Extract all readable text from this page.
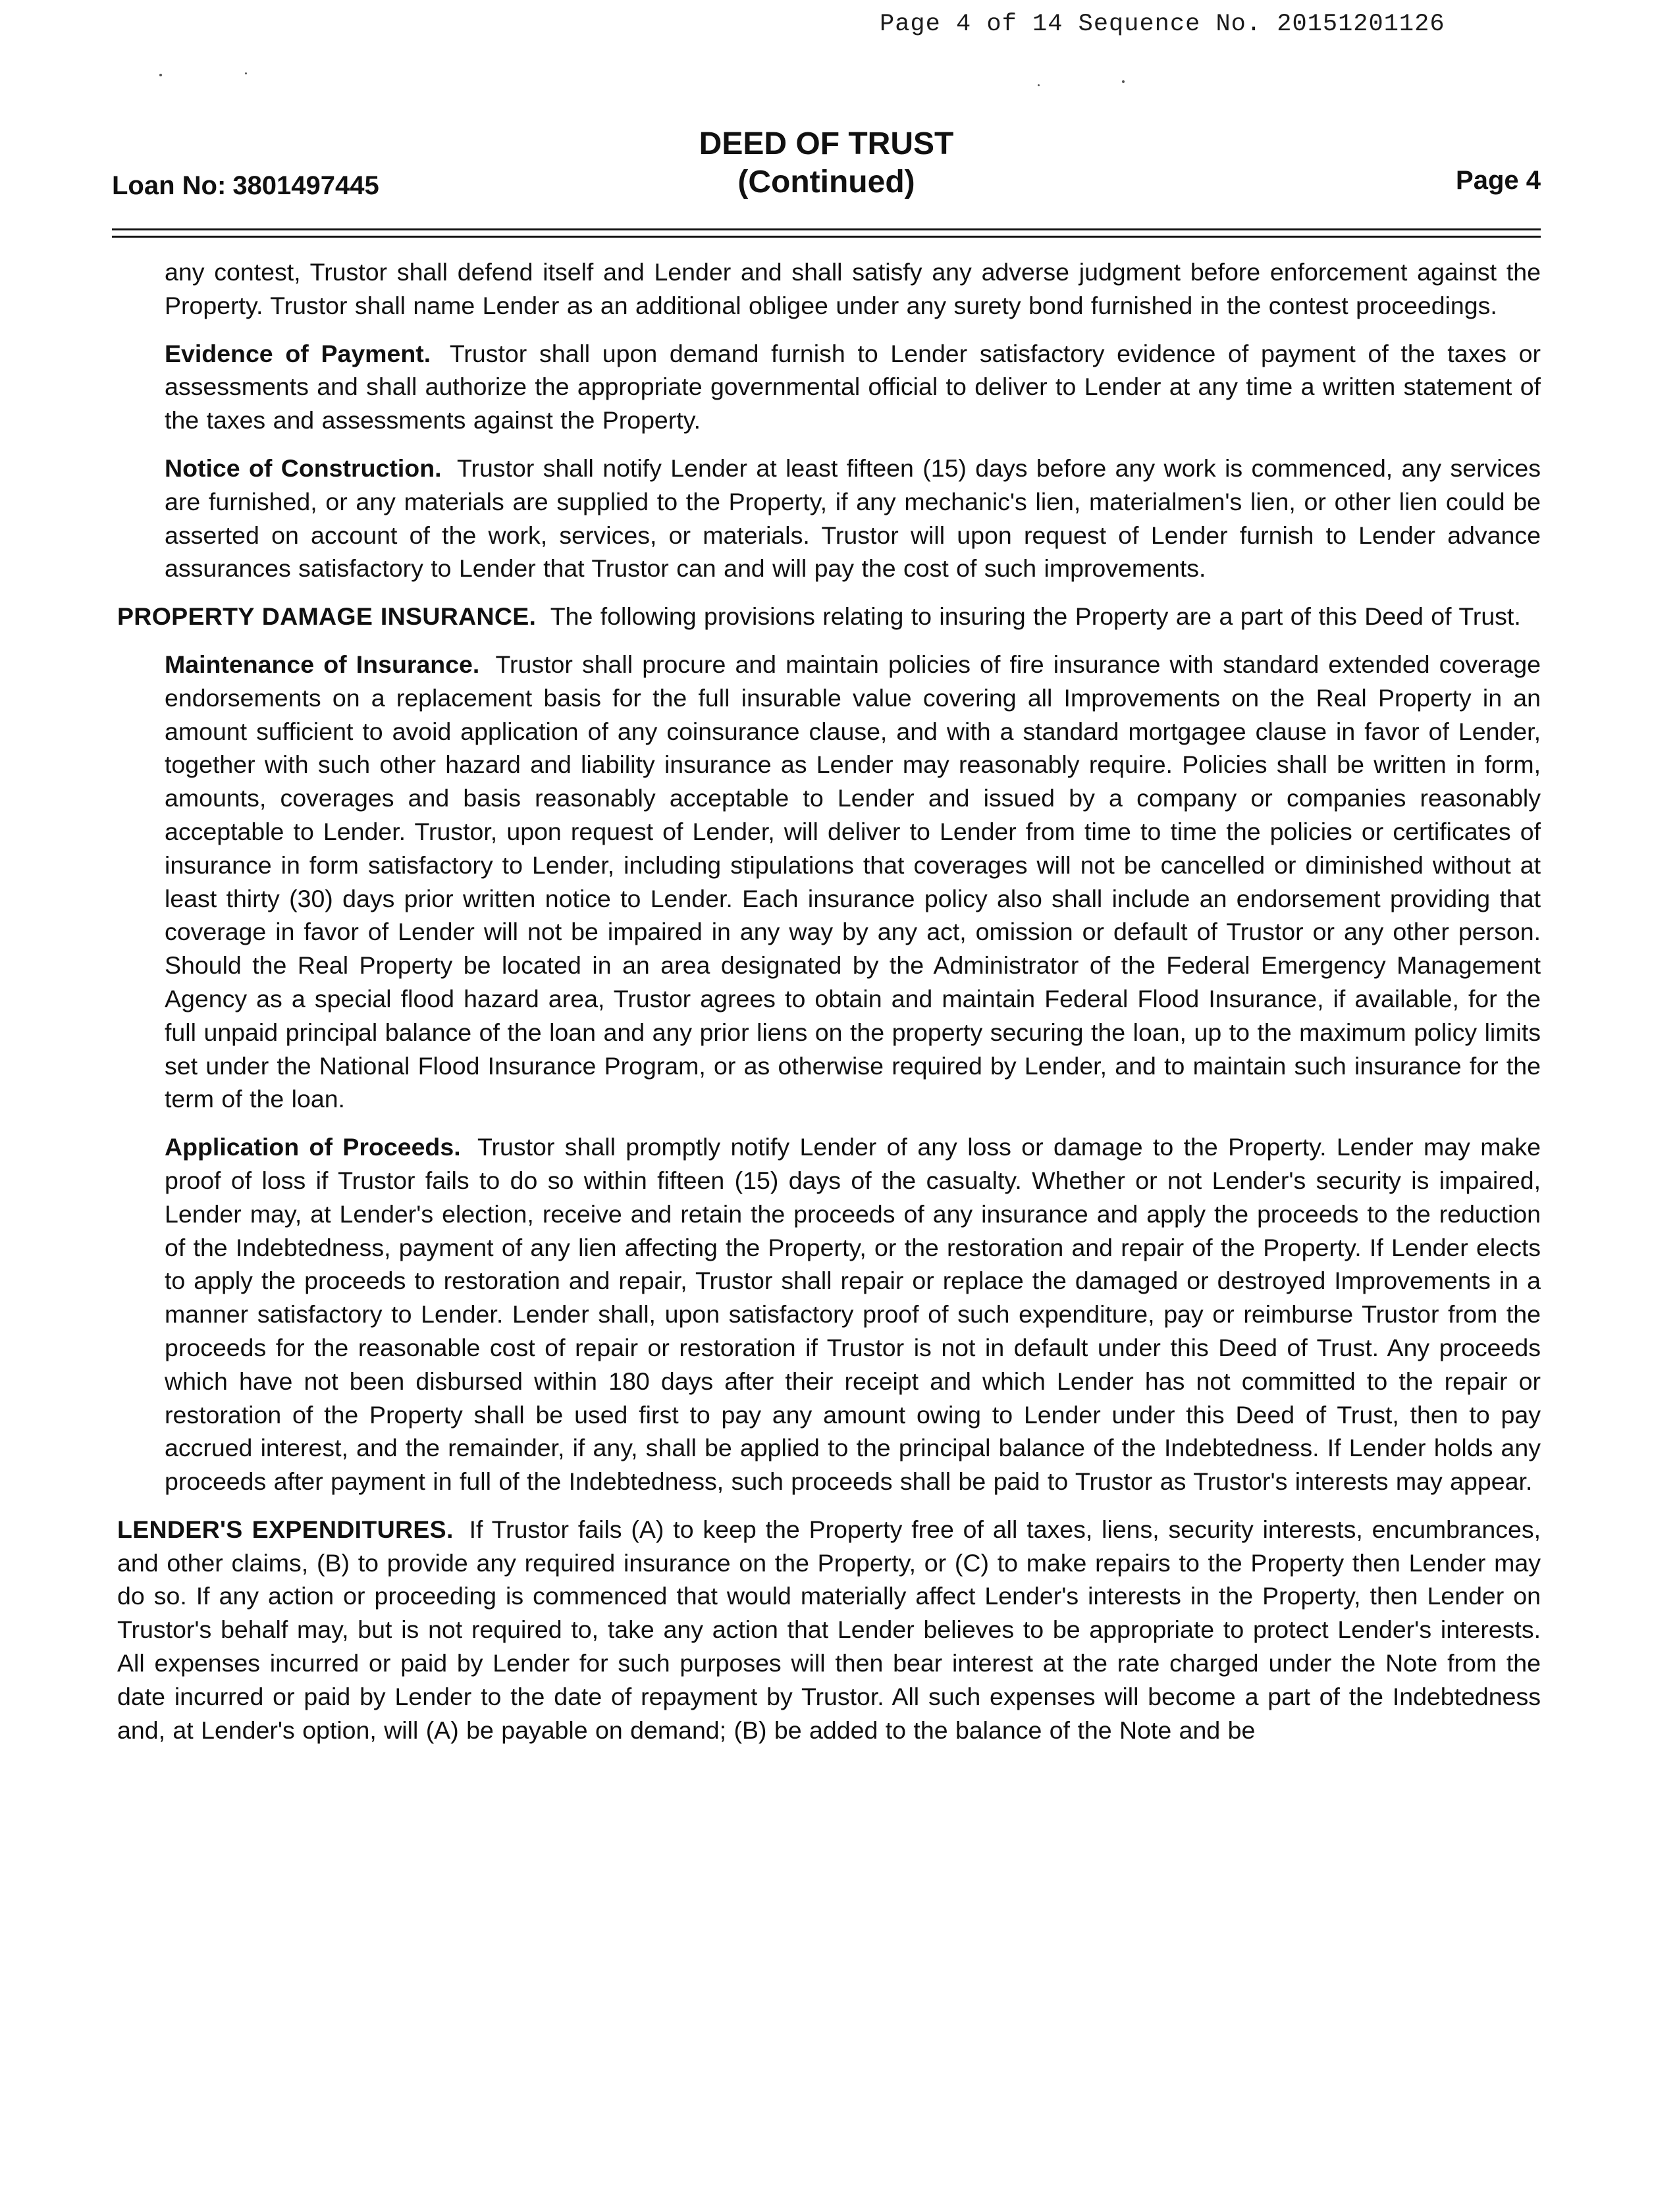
Page 4 of 14 Sequence No. 20151201126
DEED OF TRUST
(Continued)
Loan No: 3801497445	Page 4

any contest, Trustor shall defend itself and Lender and shall satisfy any adverse judgment before enforcement against the Property. Trustor shall name Lender as an additional obligee under any surety bond furnished in the contest proceedings.

Evidence of Payment. Trustor shall upon demand furnish to Lender satisfactory evidence of payment of the taxes or assessments and shall authorize the appropriate governmental official to deliver to Lender at any time a written statement of the taxes and assessments against the Property.

Notice of Construction. Trustor shall notify Lender at least fifteen (15) days before any work is commenced, any services are furnished, or any materials are supplied to the Property, if any mechanic's lien, materialmen's lien, or other lien could be asserted on account of the work, services, or materials. Trustor will upon request of Lender furnish to Lender advance assurances satisfactory to Lender that Trustor can and will pay the cost of such improvements.

PROPERTY DAMAGE INSURANCE. The following provisions relating to insuring the Property are a part of this Deed of Trust.

Maintenance of Insurance. Trustor shall procure and maintain policies of fire insurance with standard extended coverage endorsements on a replacement basis for the full insurable value covering all Improvements on the Real Property in an amount sufficient to avoid application of any coinsurance clause, and with a standard mortgagee clause in favor of Lender, together with such other hazard and liability insurance as Lender may reasonably require. Policies shall be written in form, amounts, coverages and basis reasonably acceptable to Lender and issued by a company or companies reasonably acceptable to Lender. Trustor, upon request of Lender, will deliver to Lender from time to time the policies or certificates of insurance in form satisfactory to Lender, including stipulations that coverages will not be cancelled or diminished without at least thirty (30) days prior written notice to Lender. Each insurance policy also shall include an endorsement providing that coverage in favor of Lender will not be impaired in any way by any act, omission or default of Trustor or any other person. Should the Real Property be located in an area designated by the Administrator of the Federal Emergency Management Agency as a special flood hazard area, Trustor agrees to obtain and maintain Federal Flood Insurance, if available, for the full unpaid principal balance of the loan and any prior liens on the property securing the loan, up to the maximum policy limits set under the National Flood Insurance Program, or as otherwise required by Lender, and to maintain such insurance for the term of the loan.

Application of Proceeds. Trustor shall promptly notify Lender of any loss or damage to the Property. Lender may make proof of loss if Trustor fails to do so within fifteen (15) days of the casualty. Whether or not Lender's security is impaired, Lender may, at Lender's election, receive and retain the proceeds of any insurance and apply the proceeds to the reduction of the Indebtedness, payment of any lien affecting the Property, or the restoration and repair of the Property. If Lender elects to apply the proceeds to restoration and repair, Trustor shall repair or replace the damaged or destroyed Improvements in a manner satisfactory to Lender. Lender shall, upon satisfactory proof of such expenditure, pay or reimburse Trustor from the proceeds for the reasonable cost of repair or restoration if Trustor is not in default under this Deed of Trust. Any proceeds which have not been disbursed within 180 days after their receipt and which Lender has not committed to the repair or restoration of the Property shall be used first to pay any amount owing to Lender under this Deed of Trust, then to pay accrued interest, and the remainder, if any, shall be applied to the principal balance of the Indebtedness. If Lender holds any proceeds after payment in full of the Indebtedness, such proceeds shall be paid to Trustor as Trustor's interests may appear.

LENDER'S EXPENDITURES. If Trustor fails (A) to keep the Property free of all taxes, liens, security interests, encumbrances, and other claims, (B) to provide any required insurance on the Property, or (C) to make repairs to the Property then Lender may do so. If any action or proceeding is commenced that would materially affect Lender's interests in the Property, then Lender on Trustor's behalf may, but is not required to, take any action that Lender believes to be appropriate to protect Lender's interests. All expenses incurred or paid by Lender for such purposes will then bear interest at the rate charged under the Note from the date incurred or paid by Lender to the date of repayment by Trustor. All such expenses will become a part of the Indebtedness and, at Lender's option, will (A) be payable on demand; (B) be added to the balance of the Note and be
